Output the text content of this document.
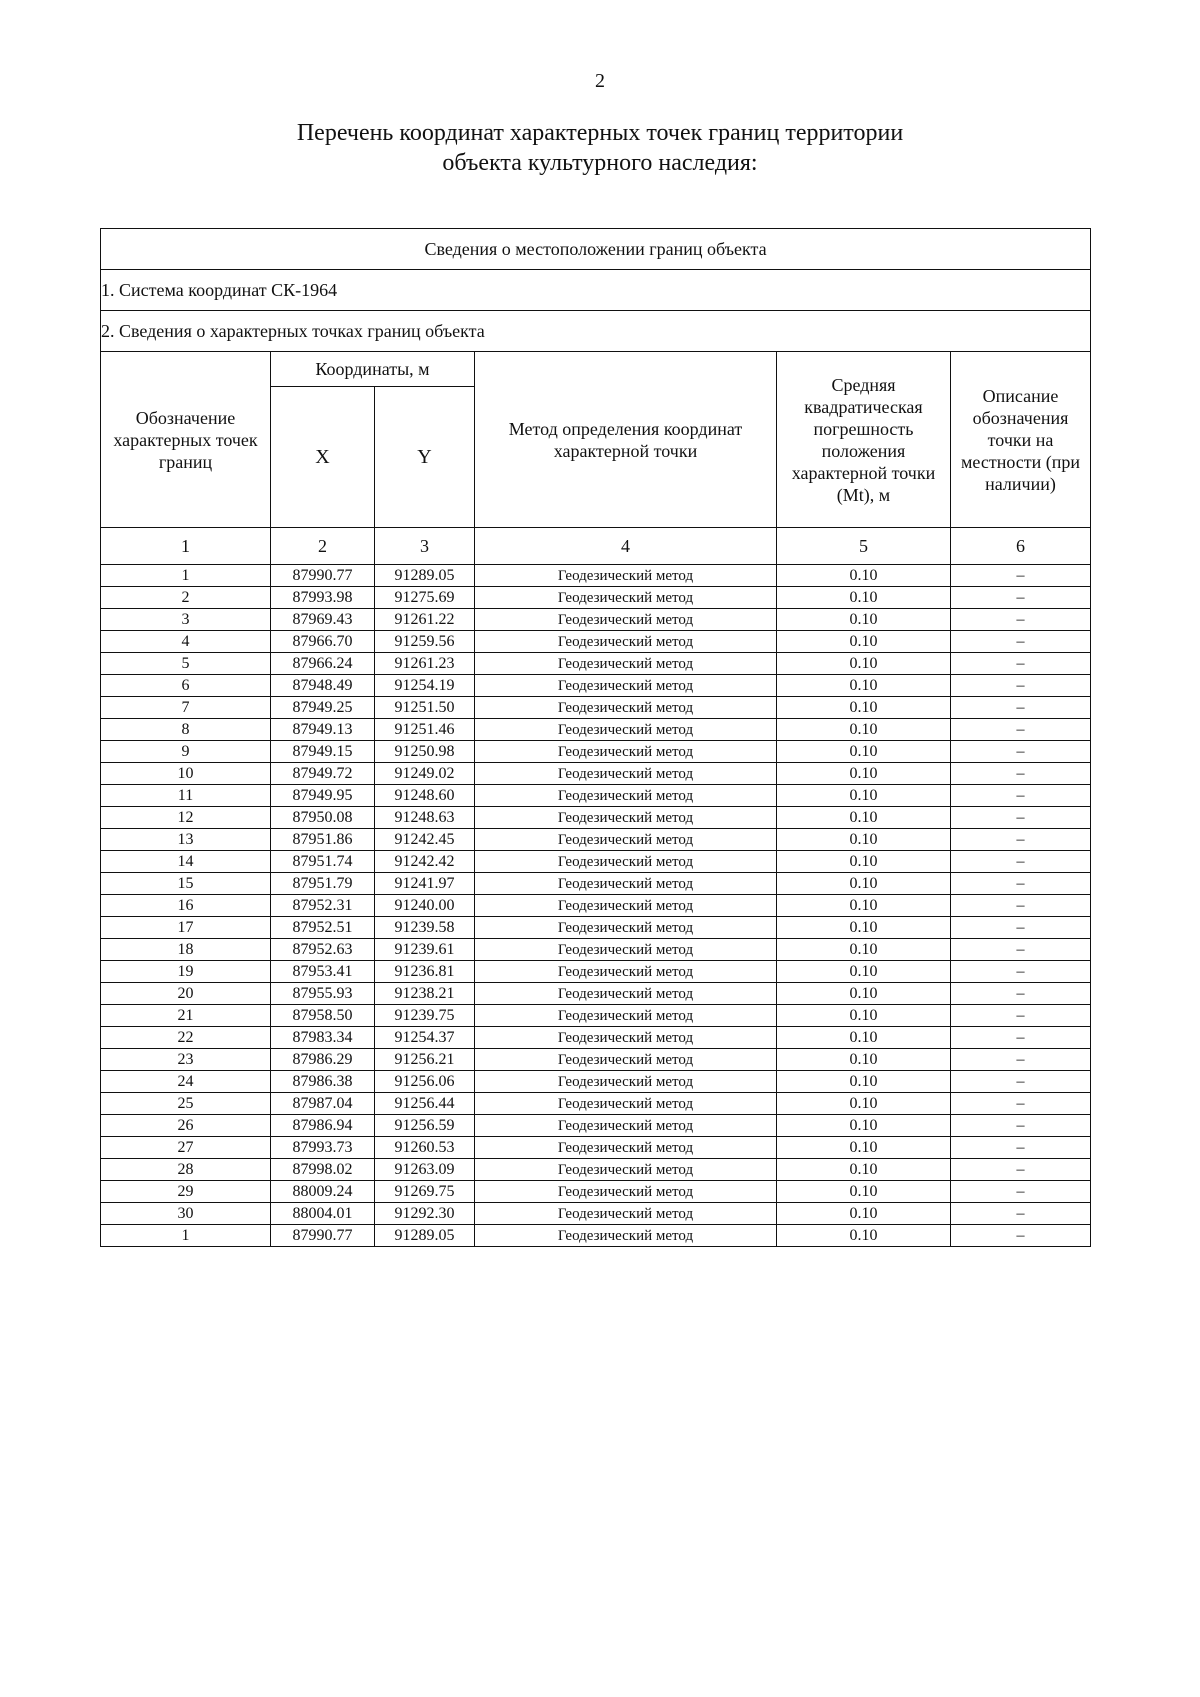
2
Перечень координат характерных точек границ территории
объекта культурного наследия:
Сведения о местоположении границ объекта					
1. Система координат СК-1964					
2. Сведения о характерных точках границ объекта					
Обозначение характерных точек границ	Координаты, м		Метод определения координат характерной точки	Средняя квадратическая погрешность положения характерной точки (Mt), м	Описание обозначения точки на местности (при наличии)
	X	Y			
1	2	3	4	5	6
1	87990.77	91289.05	Геодезический метод	0.10	–
2	87993.98	91275.69	Геодезический метод	0.10	–
3	87969.43	91261.22	Геодезический метод	0.10	–
4	87966.70	91259.56	Геодезический метод	0.10	–
5	87966.24	91261.23	Геодезический метод	0.10	–
6	87948.49	91254.19	Геодезический метод	0.10	–
7	87949.25	91251.50	Геодезический метод	0.10	–
8	87949.13	91251.46	Геодезический метод	0.10	–
9	87949.15	91250.98	Геодезический метод	0.10	–
10	87949.72	91249.02	Геодезический метод	0.10	–
11	87949.95	91248.60	Геодезический метод	0.10	–
12	87950.08	91248.63	Геодезический метод	0.10	–
13	87951.86	91242.45	Геодезический метод	0.10	–
14	87951.74	91242.42	Геодезический метод	0.10	–
15	87951.79	91241.97	Геодезический метод	0.10	–
16	87952.31	91240.00	Геодезический метод	0.10	–
17	87952.51	91239.58	Геодезический метод	0.10	–
18	87952.63	91239.61	Геодезический метод	0.10	–
19	87953.41	91236.81	Геодезический метод	0.10	–
20	87955.93	91238.21	Геодезический метод	0.10	–
21	87958.50	91239.75	Геодезический метод	0.10	–
22	87983.34	91254.37	Геодезический метод	0.10	–
23	87986.29	91256.21	Геодезический метод	0.10	–
24	87986.38	91256.06	Геодезический метод	0.10	–
25	87987.04	91256.44	Геодезический метод	0.10	–
26	87986.94	91256.59	Геодезический метод	0.10	–
27	87993.73	91260.53	Геодезический метод	0.10	–
28	87998.02	91263.09	Геодезический метод	0.10	–
29	88009.24	91269.75	Геодезический метод	0.10	–
30	88004.01	91292.30	Геодезический метод	0.10	–
1	87990.77	91289.05	Геодезический метод	0.10	–
